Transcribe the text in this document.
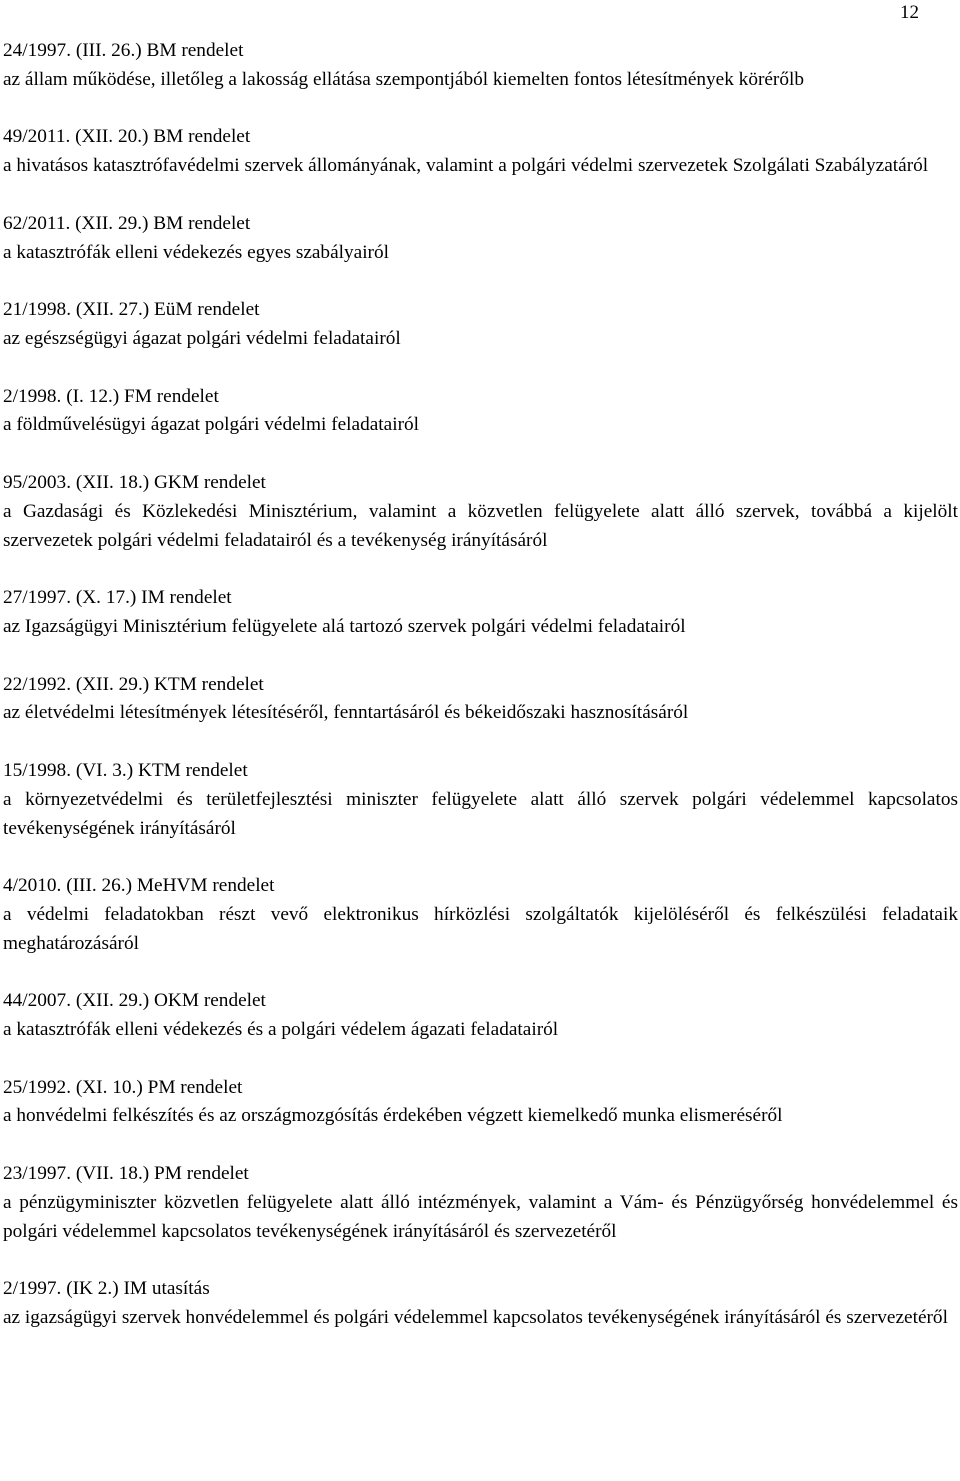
12
24/1997. (III. 26.) BM rendelet
az állam működése, illetőleg a lakosság ellátása szempontjából kiemelten fontos létesítmények körérőlb
49/2011. (XII. 20.) BM rendelet
a hivatásos katasztrófavédelmi szervek állományának, valamint a polgári védelmi szervezetek Szolgálati Szabályzatáról
62/2011. (XII. 29.) BM rendelet
a katasztrófák elleni védekezés egyes szabályairól
21/1998. (XII. 27.) EüM rendelet
az egészségügyi ágazat polgári védelmi feladatairól
2/1998. (I. 12.) FM rendelet
a földművelésügyi ágazat polgári védelmi feladatairól
95/2003. (XII. 18.) GKM rendelet
a Gazdasági és Közlekedési Minisztérium, valamint a közvetlen felügyelete alatt álló szervek, továbbá a kijelölt szervezetek polgári védelmi feladatairól és a tevékenység irányításáról
27/1997. (X. 17.) IM rendelet
az Igazságügyi Minisztérium felügyelete alá tartozó szervek polgári védelmi feladatairól
22/1992. (XII. 29.) KTM rendelet
az életvédelmi létesítmények létesítéséről, fenntartásáról és békeidőszaki hasznosításáról
15/1998. (VI. 3.) KTM rendelet
a környezetvédelmi és területfejlesztési miniszter felügyelete alatt álló szervek polgári védelemmel kapcsolatos tevékenységének irányításáról
4/2010. (III. 26.) MeHVM rendelet
a védelmi feladatokban részt vevő elektronikus hírközlési szolgáltatók kijelöléséről és felkészülési feladataik meghatározásáról
44/2007. (XII. 29.) OKM rendelet
a katasztrófák elleni védekezés és a polgári védelem ágazati feladatairól
25/1992. (XI. 10.) PM rendelet
a honvédelmi felkészítés és az országmozgósítás érdekében végzett kiemelkedő munka elismeréséről
23/1997. (VII. 18.) PM rendelet
a pénzügyminiszter közvetlen felügyelete alatt álló intézmények, valamint a Vám- és Pénzügyőrség honvédelemmel és polgári védelemmel kapcsolatos tevékenységének irányításáról és szervezetéről
2/1997. (IK 2.) IM utasítás
az igazságügyi szervek honvédelemmel és polgári védelemmel kapcsolatos tevékenységének irányításáról és szervezetéről
